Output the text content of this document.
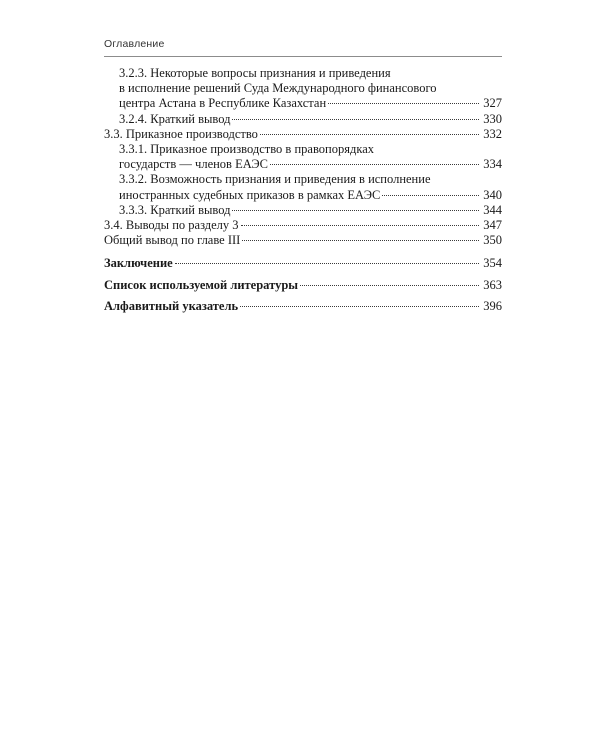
Оглавление
3.2.3. Некоторые вопросы признания и приведения
в исполнение решений Суда Международного финансового
центра Астана в Республике Казахстан	327
3.2.4. Краткий вывод	330
3.3. Приказное производство	332
3.3.1. Приказное производство в правопорядках
государств — членов ЕАЭС	334
3.3.2. Возможность признания и приведения в исполнение
иностранных судебных приказов в рамках ЕАЭС	340
3.3.3. Краткий вывод	344
3.4. Выводы по разделу 3	347
Общий вывод по главе III	350
Заключение	354
Список используемой литературы	363
Алфавитный указатель	396
